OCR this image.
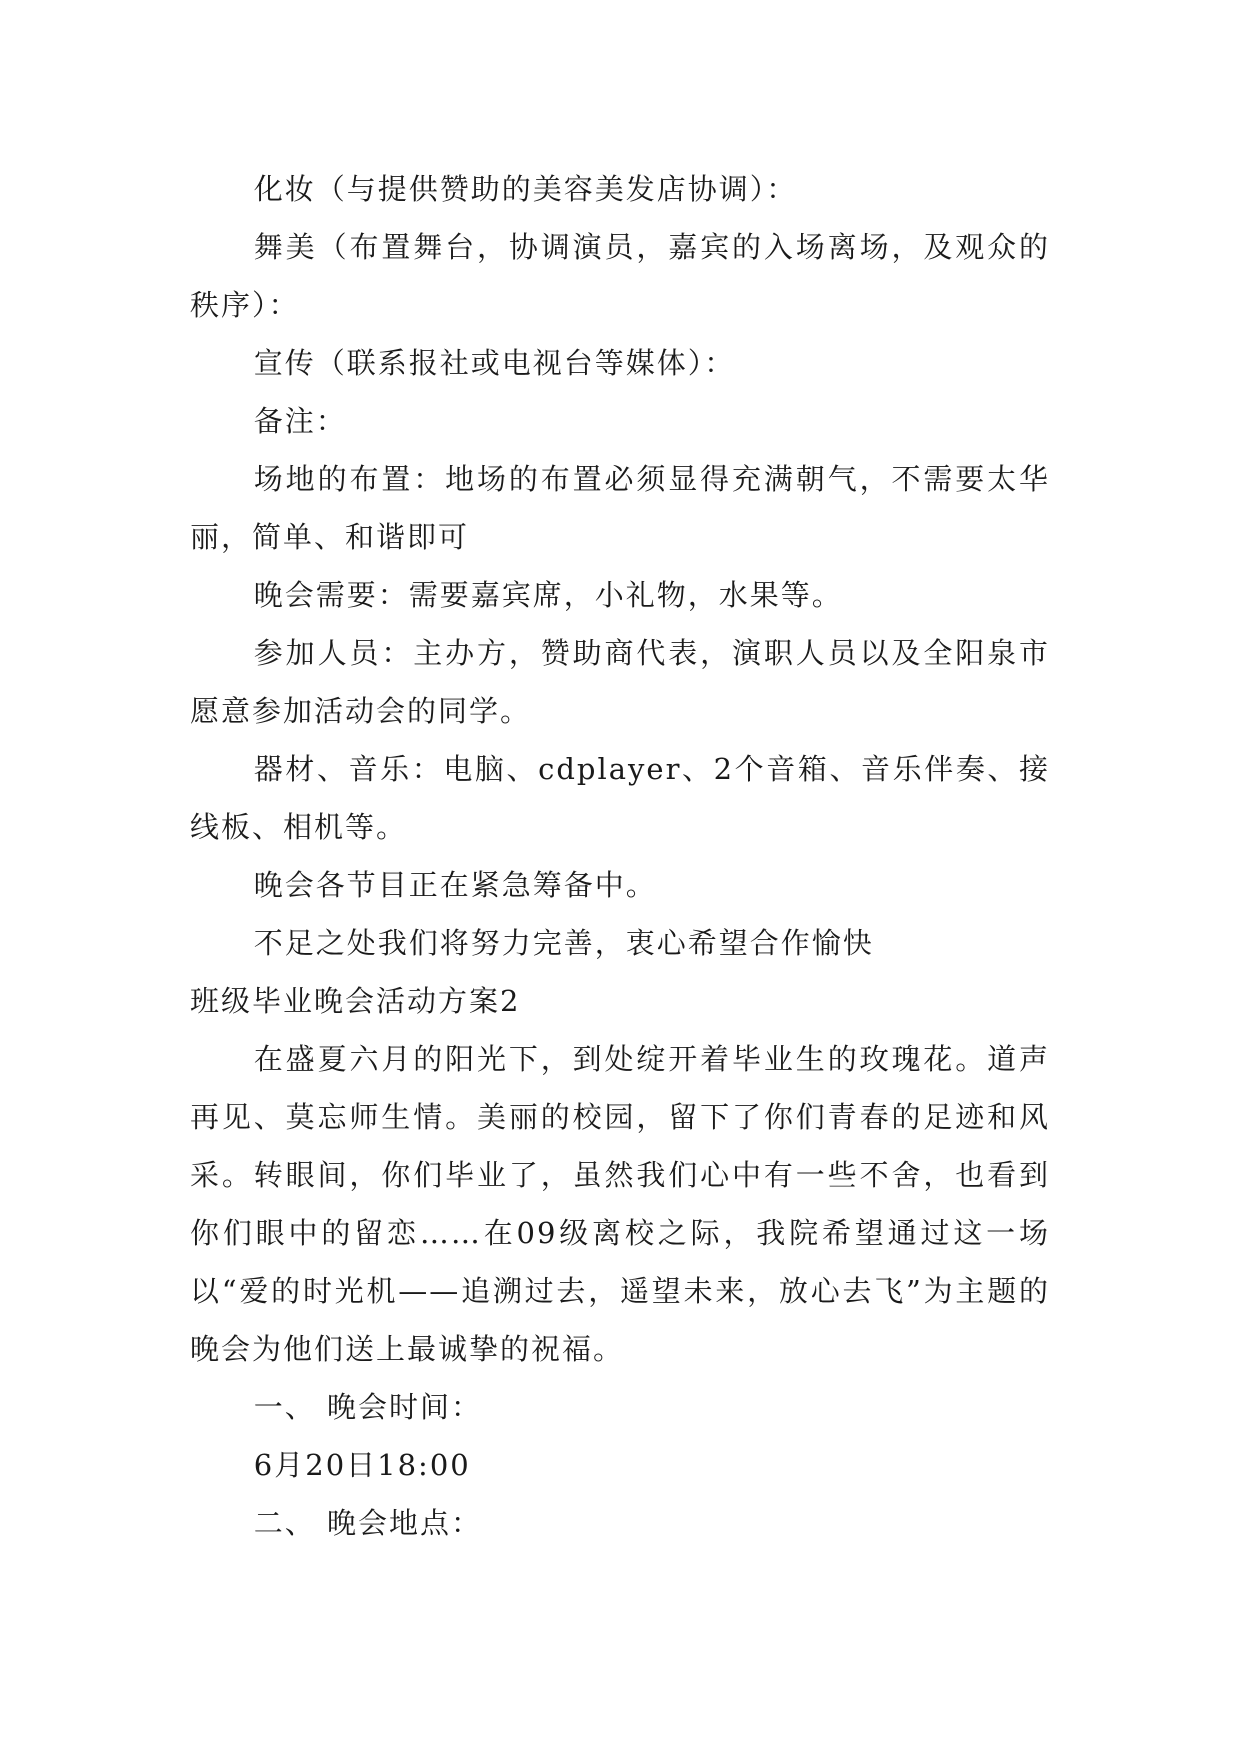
化妆（与提供赞助的美容美发店协调）：

舞美（布置舞台，协调演员，嘉宾的入场离场，及观众的秩序）：

宣传（联系报社或电视台等媒体）：

备注：

场地的布置：地场的布置必须显得充满朝气，不需要太华丽，简单、和谐即可

晚会需要：需要嘉宾席，小礼物，水果等。

参加人员：主办方，赞助商代表，演职人员以及全阳泉市愿意参加活动会的同学。

器材、音乐：电脑、cdplayer、2个音箱、音乐伴奏、接线板、相机等。

晚会各节目正在紧急筹备中。

不足之处我们将努力完善，衷心希望合作愉快

班级毕业晚会活动方案2

在盛夏六月的阳光下，到处绽开着毕业生的玫瑰花。道声再见、莫忘师生情。美丽的校园，留下了你们青春的足迹和风采。转眼间，你们毕业了，虽然我们心中有一些不舍，也看到你们眼中的留恋……在09级离校之际，我院希望通过这一场以“爱的时光机——追溯过去，遥望未来，放心去飞”为主题的晚会为他们送上最诚挚的祝福。

一、 晚会时间：

6月20日18:00

二、 晚会地点：
